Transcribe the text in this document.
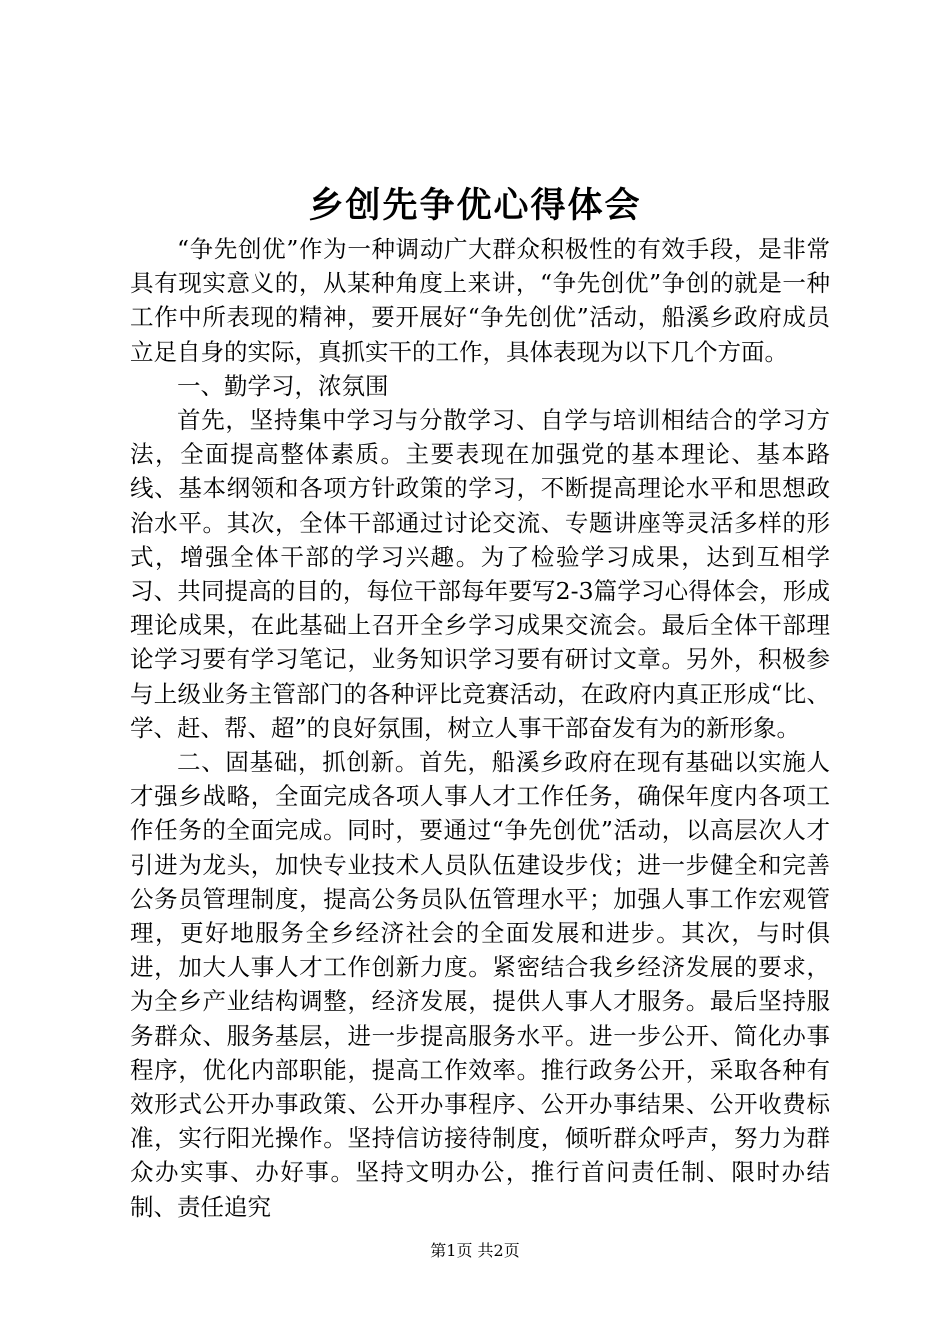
乡创先争优心得体会

“争先创优”作为一种调动广大群众积极性的有效手段，是非常具有现实意义的，从某种角度上来讲，“争先创优”争创的就是一种工作中所表现的精神，要开展好“争先创优”活动，船溪乡政府成员立足自身的实际，真抓实干的工作，具体表现为以下几个方面。

一、勤学习，浓氛围

首先，坚持集中学习与分散学习、自学与培训相结合的学习方法，全面提高整体素质。主要表现在加强党的基本理论、基本路线、基本纲领和各项方针政策的学习，不断提高理论水平和思想政治水平。其次，全体干部通过讨论交流、专题讲座等灵活多样的形式，增强全体干部的学习兴趣。为了检验学习成果，达到互相学习、共同提高的目的，每位干部每年要写2-3篇学习心得体会，形成理论成果，在此基础上召开全乡学习成果交流会。最后全体干部理论学习要有学习笔记，业务知识学习要有研讨文章。另外，积极参与上级业务主管部门的各种评比竞赛活动，在政府内真正形成“比、学、赶、帮、超”的良好氛围，树立人事干部奋发有为的新形象。

二、固基础，抓创新。首先，船溪乡政府在现有基础以实施人才强乡战略，全面完成各项人事人才工作任务，确保年度内各项工作任务的全面完成。同时，要通过“争先创优”活动，以高层次人才引进为龙头，加快专业技术人员队伍建设步伐；进一步健全和完善公务员管理制度，提高公务员队伍管理水平；加强人事工作宏观管理，更好地服务全乡经济社会的全面发展和进步。其次，与时俱进，加大人事人才工作创新力度。紧密结合我乡经济发展的要求，为全乡产业结构调整，经济发展，提供人事人才服务。最后坚持服务群众、服务基层，进一步提高服务水平。进一步公开、简化办事程序，优化内部职能，提高工作效率。推行政务公开，采取各种有效形式公开办事政策、公开办事程序、公开办事结果、公开收费标准，实行阳光操作。坚持信访接待制度，倾听群众呼声，努力为群众办实事、办好事。坚持文明办公，推行首问责任制、限时办结制、责任追究

第1页 共2页
